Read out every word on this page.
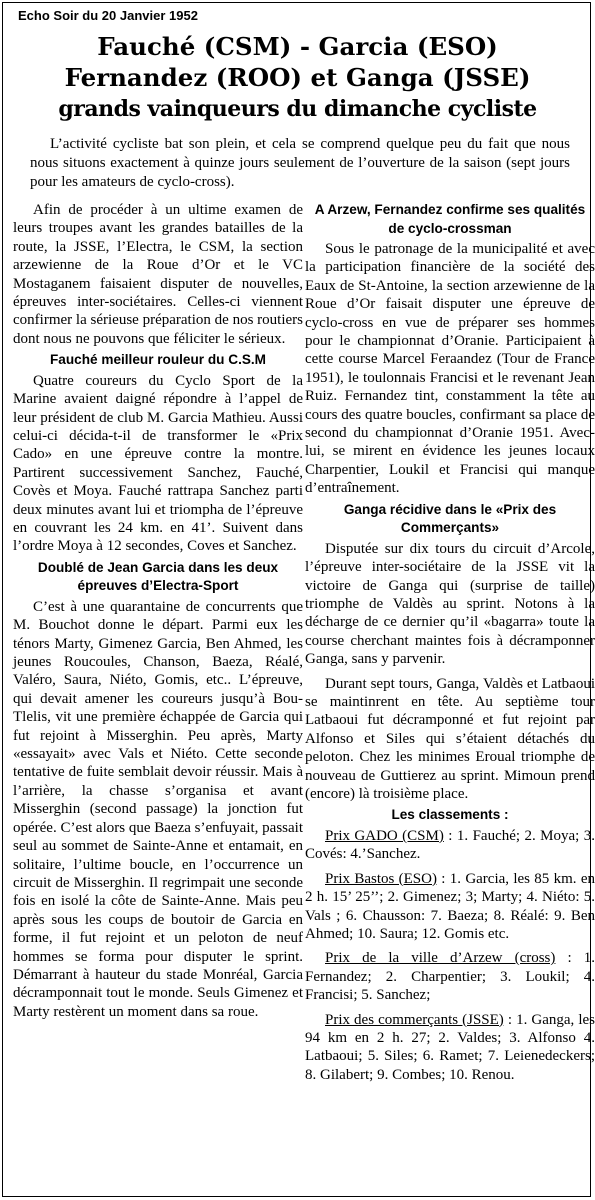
Echo Soir du 20 Janvier 1952
Fauché (CSM) - Garcia (ESO)
Fernandez (ROO) et Ganga (JSSE)
grands vainqueurs du dimanche cycliste

L’activité cycliste bat son plein, et cela se comprend quelque peu du fait que nous nous situons exactement à quinze jours seulement de l’ouverture de la saison (sept jours pour les amateurs de cyclo-cross).

Afin de procéder à un ultime examen de leurs troupes avant les grandes batailles de la route, la JSSE, l’Electra, le CSM, la section arzewienne de la Roue d’Or et le VC Mostaganem faisaient disputer de nouvelles, épreuves inter-sociétaires. Celles-ci viennent confirmer la sérieuse préparation de nos routiers dont nous ne pouvons que féliciter le sérieux.

Fauché meilleur rouleur du C.S.M

Quatre coureurs du Cyclo Sport de la Marine avaient daigné répondre à l’appel de leur président de club M. Garcia Mathieu. Aussi celui-ci décida-t-il de transformer le «Prix Cado» en une épreuve contre la montre. Partirent successivement Sanchez, Fauché, Covès et Moya. Fauché rattrapa Sanchez parti deux minutes avant lui et triompha de l’épreuve en couvrant les 24 km. en 41’. Suivent dans l’ordre Moya à 12 secondes, Coves et Sanchez.

Doublé de Jean Garcia dans les deux épreuves d’Electra-Sport

C’est à une quarantaine de concurrents que M. Bouchot donne le départ. Parmi eux les ténors Marty, Gimenez Garcia, Ben Ahmed, les jeunes Roucoules, Chanson, Baeza, Réalé, Valéro, Saura, Niéto, Gomis, etc.. L’épreuve, qui devait amener les coureurs jusqu’à Bou-Tlelis, vit une première échappée de Garcia qui fut rejoint à Misserghin. Peu après, Marty «essayait» avec Vals et Niéto. Cette seconde tentative de fuite semblait devoir réussir. Mais à l’arrière, la chasse s’organisa et avant Misserghin (second passage) la jonction fut opérée. C’est alors que Baeza s’enfuyait, passait seul au sommet de Sainte-Anne et entamait, en solitaire, l’ultime boucle, en l’occurrence un circuit de Misserghin. Il regrimpait une seconde fois en isolé la côte de Sainte-Anne. Mais peu après sous les coups de boutoir de Garcia en forme, il fut rejoint et un peloton de neuf hommes se forma pour disputer le sprint. Démarrant à hauteur du stade Monréal, Garcia décramponnait tout le monde. Seuls Gimenez et Marty restèrent un moment dans sa roue.

A Arzew, Fernandez confirme ses qualités de cyclo-crossman

Sous le patronage de la municipalité et avec la participation financière de la société des Eaux de St-Antoine, la section arzewienne de la Roue d’Or faisait disputer une épreuve de cyclo-cross en vue de préparer ses hommes pour le championnat d’Oranie. Participaient à cette course Marcel Feraandez (Tour de France 1951), le toulonnais Francisi et le revenant Jean Ruiz. Fernandez tint, constamment la tête au cours des quatre boucles, confirmant sa place de second du championnat d’Oranie 1951. Avec- lui, se mirent en évidence les jeunes locaux Charpentier, Loukil et Francisi qui manque d’entraînement.

Ganga récidive dans le «Prix des Commerçants»

Disputée sur dix tours du circuit d’Arcole, l’épreuve inter-sociétaire de la JSSE vit la victoire de Ganga qui (surprise de taille) triomphe de Valdès au sprint. Notons à la décharge de ce dernier qu’il «bagarra» toute la course cherchant maintes fois à décramponner Ganga, sans y parvenir.

Durant sept tours, Ganga, Valdès et Latbaoui se maintinrent en tête. Au septième tour Latbaoui fut décramponné et fut rejoint par Alfonso et Siles qui s’étaient détachés du peloton. Chez les minimes Eroual triomphe de nouveau de Guttierez au sprint. Mimoun prend (encore) là troisième place.

Les classements :

Prix GADO (CSM) : 1. Fauché; 2. Moya; 3. Covés: 4.’Sanchez.

Prix Bastos (ESO) : 1. Garcia, les 85 km. en 2 h. 15’ 25’’; 2. Gimenez; 3; Marty; 4. Niéto: 5. Vals ; 6. Chausson: 7. Baeza; 8. Réalé: 9. Ben Ahmed; 10. Saura; 12. Gomis etc.

Prix de la ville d’Arzew (cross) : 1. Fernandez; 2. Charpentier; 3. Loukil; 4. Francisi; 5. Sanchez;

Prix des commerçants (JSSE) : 1. Ganga, les 94 km en 2 h. 27; 2. Valdes; 3. Alfonso 4. Latbaoui; 5. Siles; 6. Ramet; 7. Leienedeckers; 8. Gilabert; 9. Combes; 10. Renou.
